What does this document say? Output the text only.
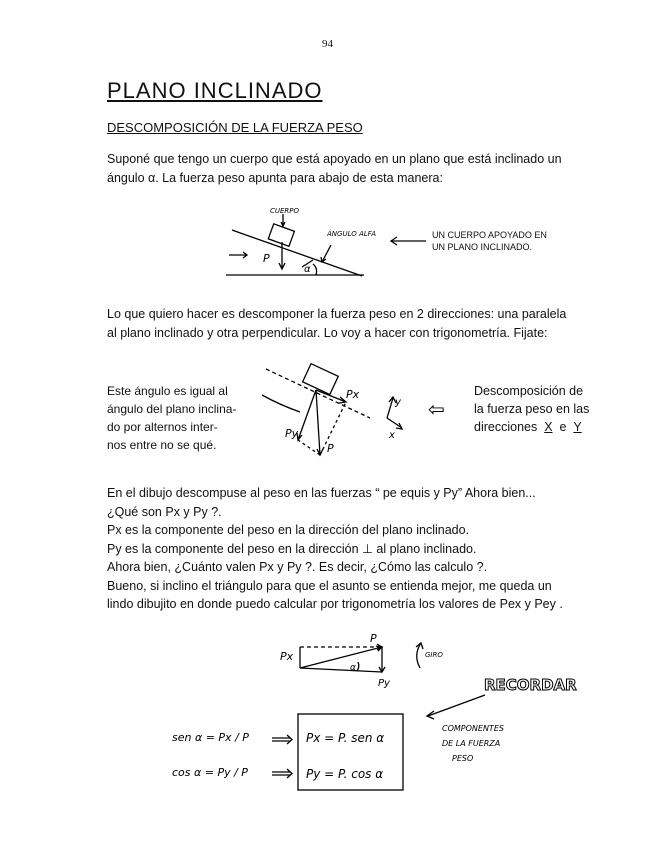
94
PLANO INCLINADO
DESCOMPOSICIÓN DE LA FUERZA PESO
Suponé que tengo un cuerpo que está apoyado en un plano que está inclinado un
ángulo α. La fuerza peso apunta para abajo de esta manera:
CUERPO
ÁNGULO ALFA
P
α
UN CUERPO APOYADO EN
UN PLANO INCLINADO.
Lo que quiero hacer es descomponer la fuerza peso en 2 direcciones: una paralela
al plano inclinado y otra perpendicular. Lo voy a hacer con trigonometría. Fijate:
Este ángulo es igual al
ángulo del plano inclina-
do por alternos inter-
nos entre no se qué.
Px
Py
P
y
x
⇦
Descomposición de
la fuerza peso en las
direcciones X e Y
En el dibujo descompuse al peso en las fuerzas “ pe equis y Py” Ahora bien...
¿Qué son Px y Py ?.
Px es la componente del peso en la dirección del plano inclinado.
Py es la componente del peso en la dirección ⊥ al plano inclinado.
Ahora bien, ¿Cuánto valen Px y Py ?. Es decir, ¿Cómo las calculo ?.
Bueno, si inclino el triángulo para que el asunto se entienda mejor, me queda un
lindo dibujito en donde puedo calcular por trigonometría los valores de Pex y Pey .
P
Px
Py
α
GIRO
RECORDAR
sen α = Px / P
cos α = Py / P
Px = P. sen α
Py = P. cos α
COMPONENTES
DE LA FUERZA
PESO
